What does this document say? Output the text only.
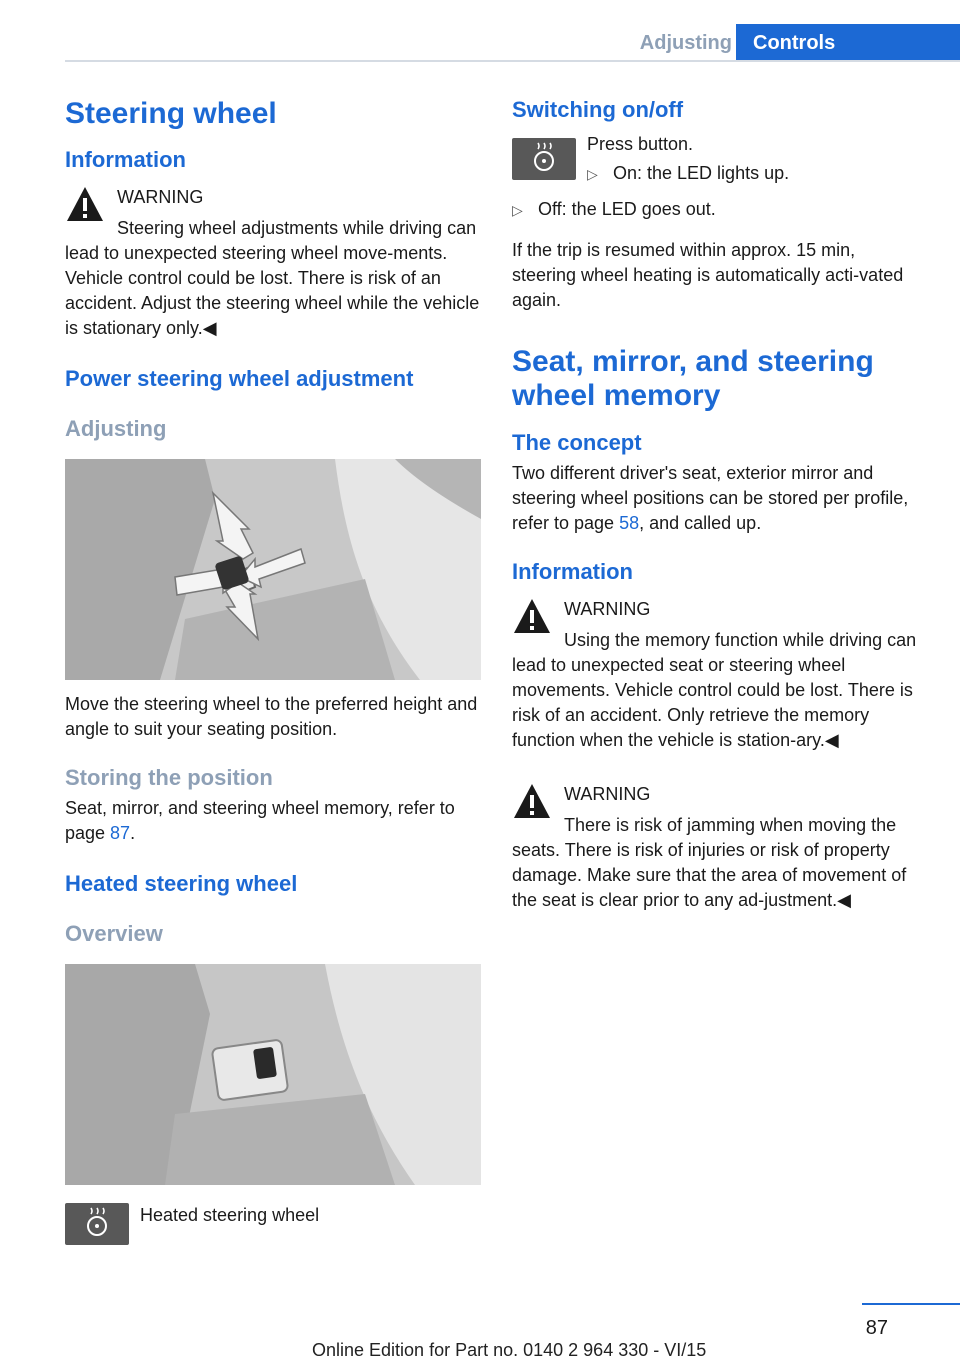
Adjusting	Controls
Steering wheel
Information
WARNING

Steering wheel adjustments while driving can lead to unexpected steering wheel move‐ments. Vehicle control could be lost. There is risk of an accident. Adjust the steering wheel while the vehicle is stationary only.◀

Power steering wheel adjustment
Adjusting

Move the steering wheel to the preferred height and angle to suit your seating position.

Storing the position

Seat, mirror, and steering wheel memory, refer to page 87.

Heated steering wheel
Overview
Heated steering wheel
Switching on/off
Press button.
▷ On: the LED lights up.
▷ Off: the LED goes out.

If the trip is resumed within approx. 15 min, steering wheel heating is automatically acti‐vated again.

Seat, mirror, and steering wheel memory
The concept

Two different driver's seat, exterior mirror and steering wheel positions can be stored per profile, refer to page 58, and called up.

Information
WARNING

Using the memory function while driving can lead to unexpected seat or steering wheel movements. Vehicle control could be lost. There is risk of an accident. Only retrieve the memory function when the vehicle is station‐ary.◀

WARNING

There is risk of jamming when moving the seats. There is risk of injuries or risk of property damage. Make sure that the area of movement of the seat is clear prior to any ad‐justment.◀

87
Online Edition for Part no. 0140 2 964 330 - VI/15
